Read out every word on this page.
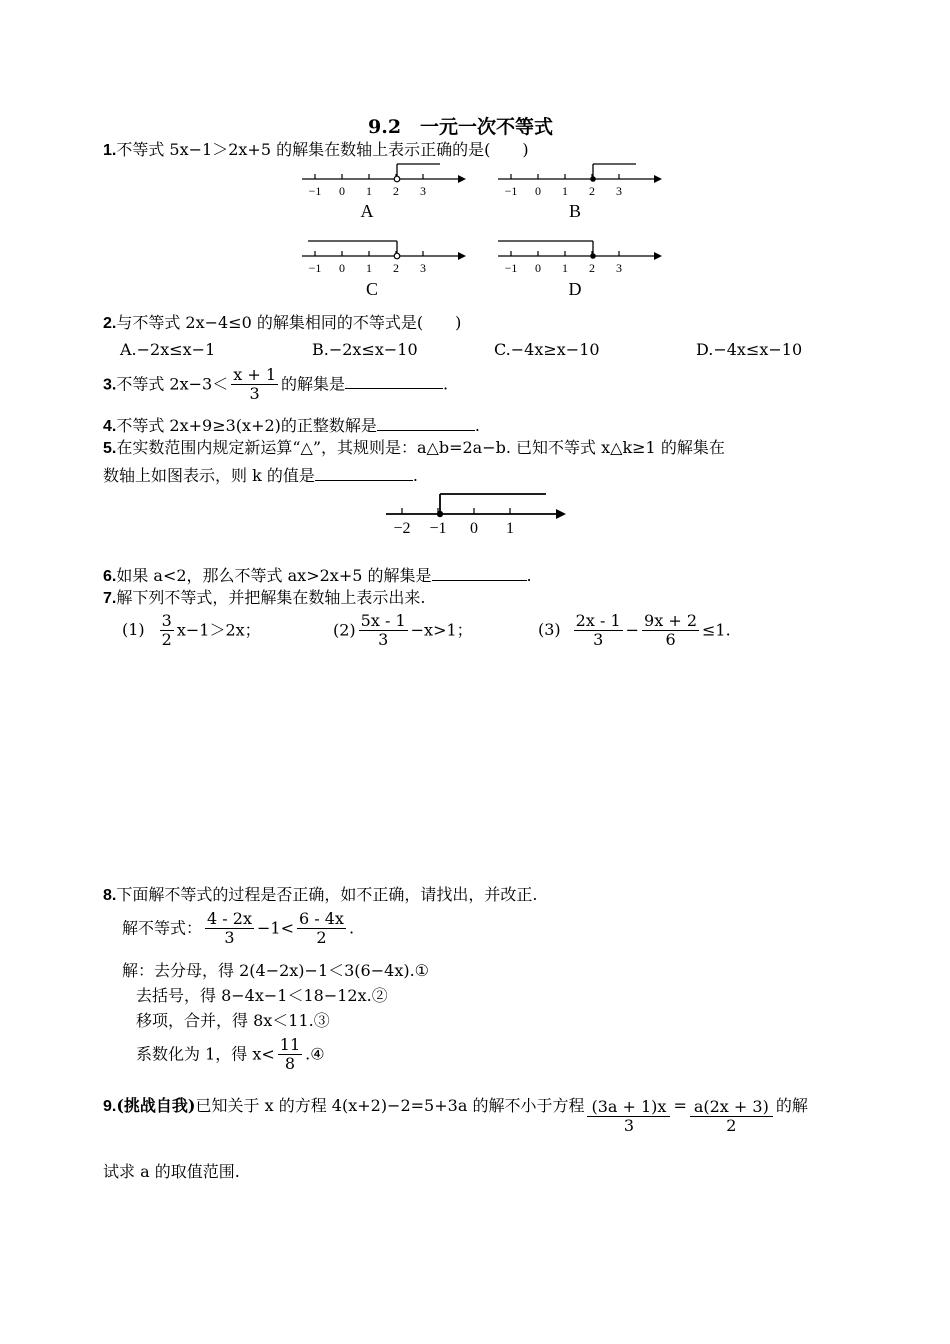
9.2　一元一次不等式
1.不等式 5x−1＞2x+5 的解集在数轴上表示正确的是(　　)
−1 0 1 2 3
A
−1 0 1 2 3
B
−1 0 1 2 3
C
−1 0 1 2 3
D
2.与不等式 2x−4≤0 的解集相同的不等式是(　　)
A.−2x≤x−1	B.−2x≤x−10	C.−4x≥x−10	D.−4x≤x−10
3.不等式 $2x-3< \frac{x + 1}{3}$ 的解集是	.
4.不等式 2x+9≥3(x+2)的正整数解是	.
5.在实数范围内规定新运算“△”，其规则是：a△b=2a−b. 已知不等式 x△k≥1 的解集在
数轴上如图表示，则 k 的值是	.
−2 −1 0 1
6.如果 a<2，那么不等式 ax>2x+5 的解集是	.
7.解下列不等式，并把解集在数轴上表示出来.
$(1) \frac{3}{2} x-1>2x$；	$(2) \frac{5x - 1}{3} -x>1$；	$(3) \frac{2x - 1}{3} - \frac{9x + 2}{6} \le 1$.
8.下面解不等式的过程是否正确，如不正确，请找出，并改正.
解不等式： $\frac{4 - 2x}{3} -1< \frac{6 - 4x}{2}$ .
解：去分母，得 2(4−2x)−1＜3(6−4x).①
去括号，得 8−4x−1＜18−12x.②
移项，合并，得 8x＜11.③
系数化为 1，得 $x< \frac{11}{8}$ .④
9.(挑战自我)已知关于 x 的方程 4(x+2)−2=5+3a 的解不小于方程 $\frac{(3a + 1)x}{3} = \frac{a(2x + 3)}{2}$ 的解
试求 a 的取值范围.
